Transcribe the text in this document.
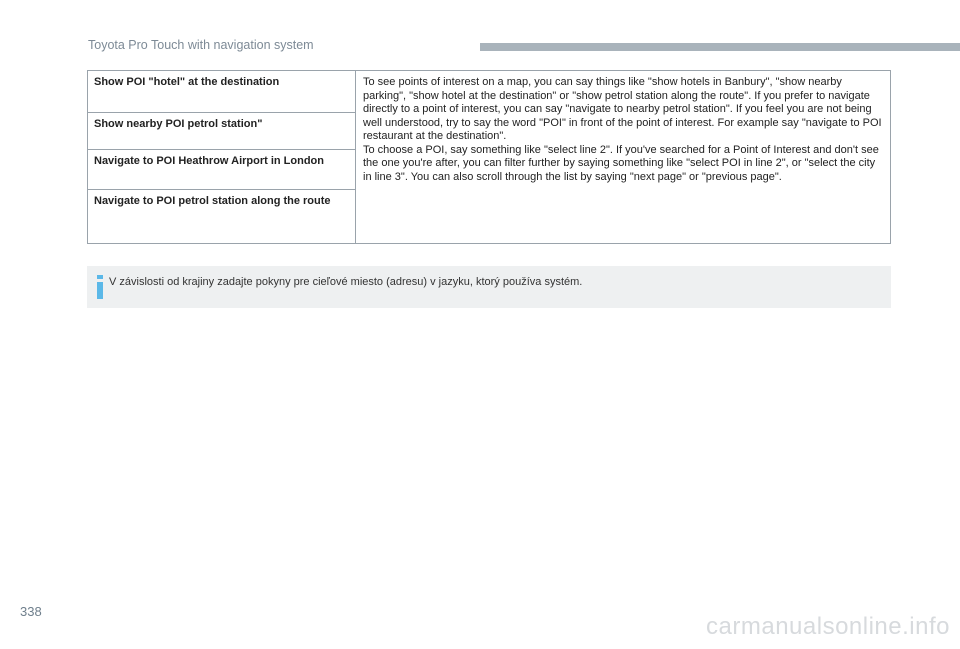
Toyota Pro Touch with navigation system
Show POI "hotel" at the destination
Show nearby POI petrol station"
Navigate to POI Heathrow Airport in London
Navigate to POI petrol station along the route

To see points of interest on a map, you can say things like "show hotels in Banbury", "show nearby parking", "show hotel at the destination" or "show petrol station along the route". If you prefer to navigate directly to a point of interest, you can say "navigate to nearby petrol station". If you feel you are not being well understood, try to say the word "POI" in front of the point of interest. For example say "navigate to POI restaurant at the destination".

To choose a POI, say something like "select line 2". If you've searched for a Point of Interest and don't see the one you're after, you can filter further by saying something like "select POI in line 2", or "select the city in line 3". You can also scroll through the list by saying "next page" or "previous page".

V závislosti od krajiny zadajte pokyny pre cieľové miesto (adresu) v jazyku, ktorý používa systém.
338
carmanualsonline.info
